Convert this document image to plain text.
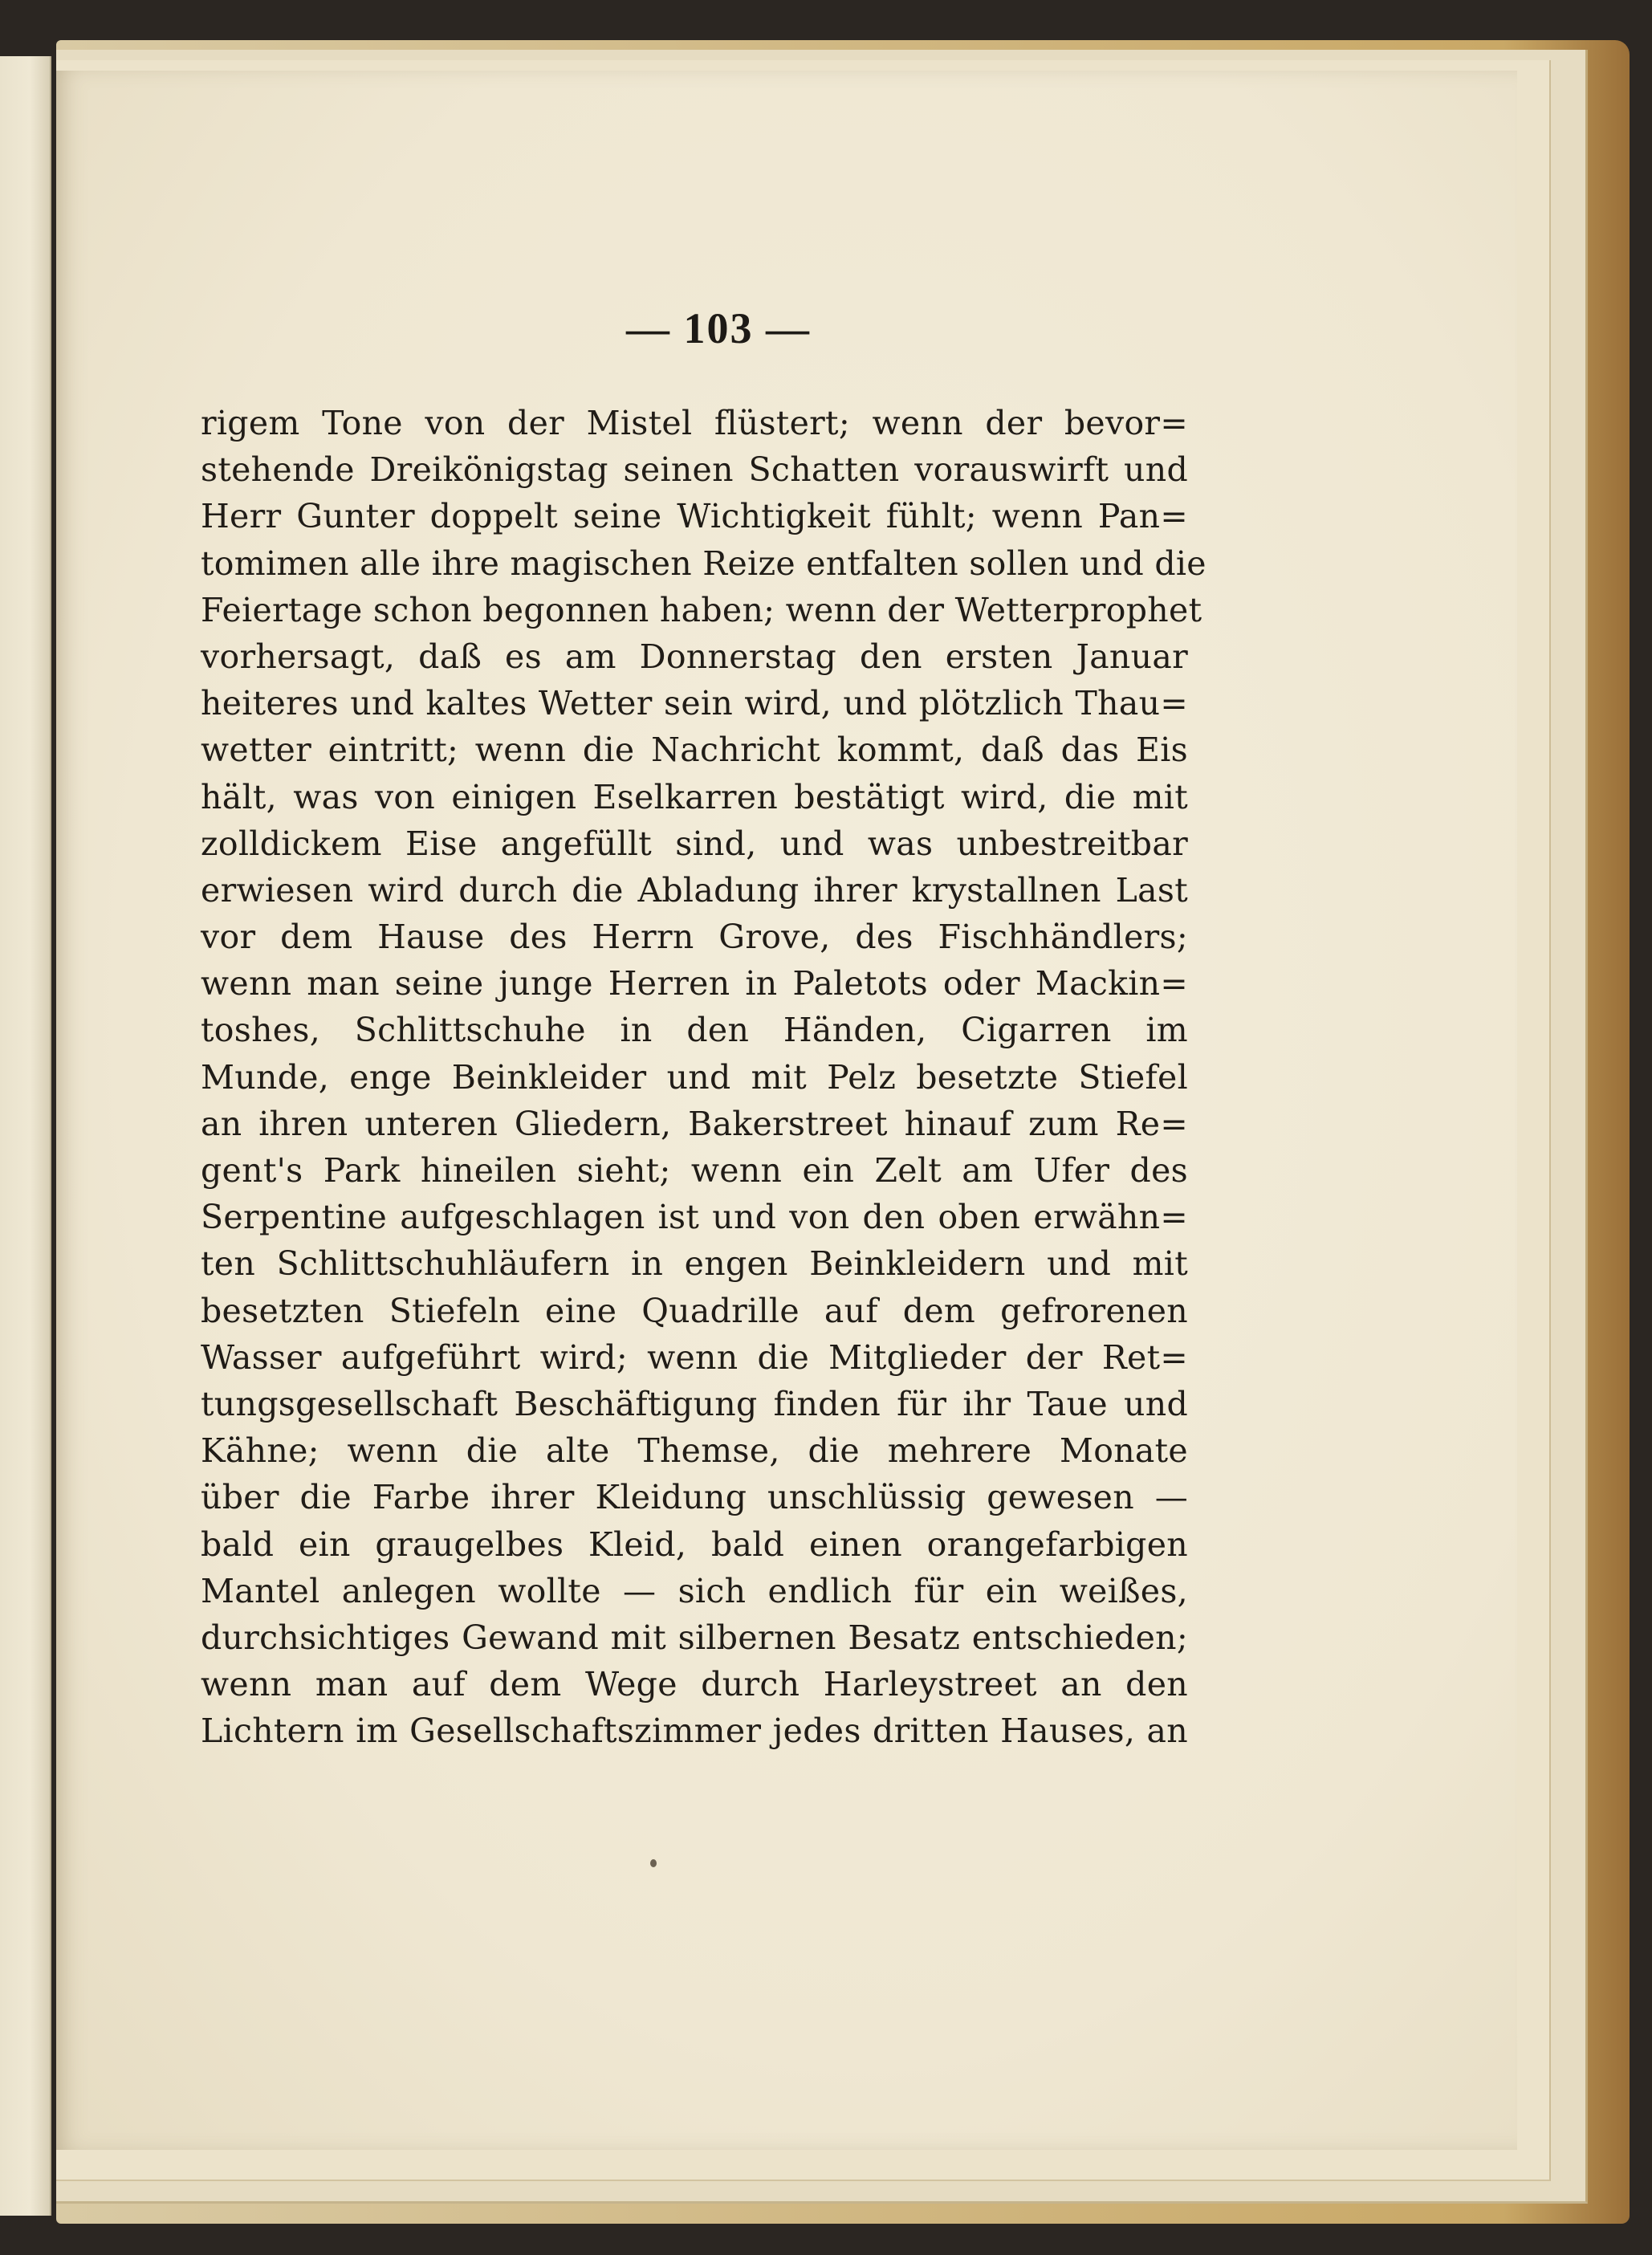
— 103 —
rigem Tone von der Mistel flüstert; wenn der bevor=
stehende Dreikönigstag seinen Schatten vorauswirft und
Herr Gunter doppelt seine Wichtigkeit fühlt; wenn Pan=
tomimen alle ihre magischen Reize entfalten sollen und die
Feiertage schon begonnen haben; wenn der Wetterprophet
vorhersagt, daß es am Donnerstag den ersten Januar
heiteres und kaltes Wetter sein wird, und plötzlich Thau=
wetter eintritt; wenn die Nachricht kommt, daß das Eis
hält, was von einigen Eselkarren bestätigt wird, die mit
zolldickem Eise angefüllt sind, und was unbestreitbar
erwiesen wird durch die Abladung ihrer krystallnen Last
vor dem Hause des Herrn Grove, des Fischhändlers;
wenn man seine junge Herren in Paletots oder Mackin=
toshes, Schlittschuhe in den Händen, Cigarren im
Munde, enge Beinkleider und mit Pelz besetzte Stiefel
an ihren unteren Gliedern, Bakerstreet hinauf zum Re=
gent's Park hineilen sieht; wenn ein Zelt am Ufer des
Serpentine aufgeschlagen ist und von den oben erwähn=
ten Schlittschuhläufern in engen Beinkleidern und mit
besetzten Stiefeln eine Quadrille auf dem gefrorenen
Wasser aufgeführt wird; wenn die Mitglieder der Ret=
tungsgesellschaft Beschäftigung finden für ihr Taue und
Kähne; wenn die alte Themse, die mehrere Monate
über die Farbe ihrer Kleidung unschlüssig gewesen —
bald ein graugelbes Kleid, bald einen orangefarbigen
Mantel anlegen wollte — sich endlich für ein weißes,
durchsichtiges Gewand mit silbernen Besatz entschieden;
wenn man auf dem Wege durch Harleystreet an den
Lichtern im Gesellschaftszimmer jedes dritten Hauses, an
